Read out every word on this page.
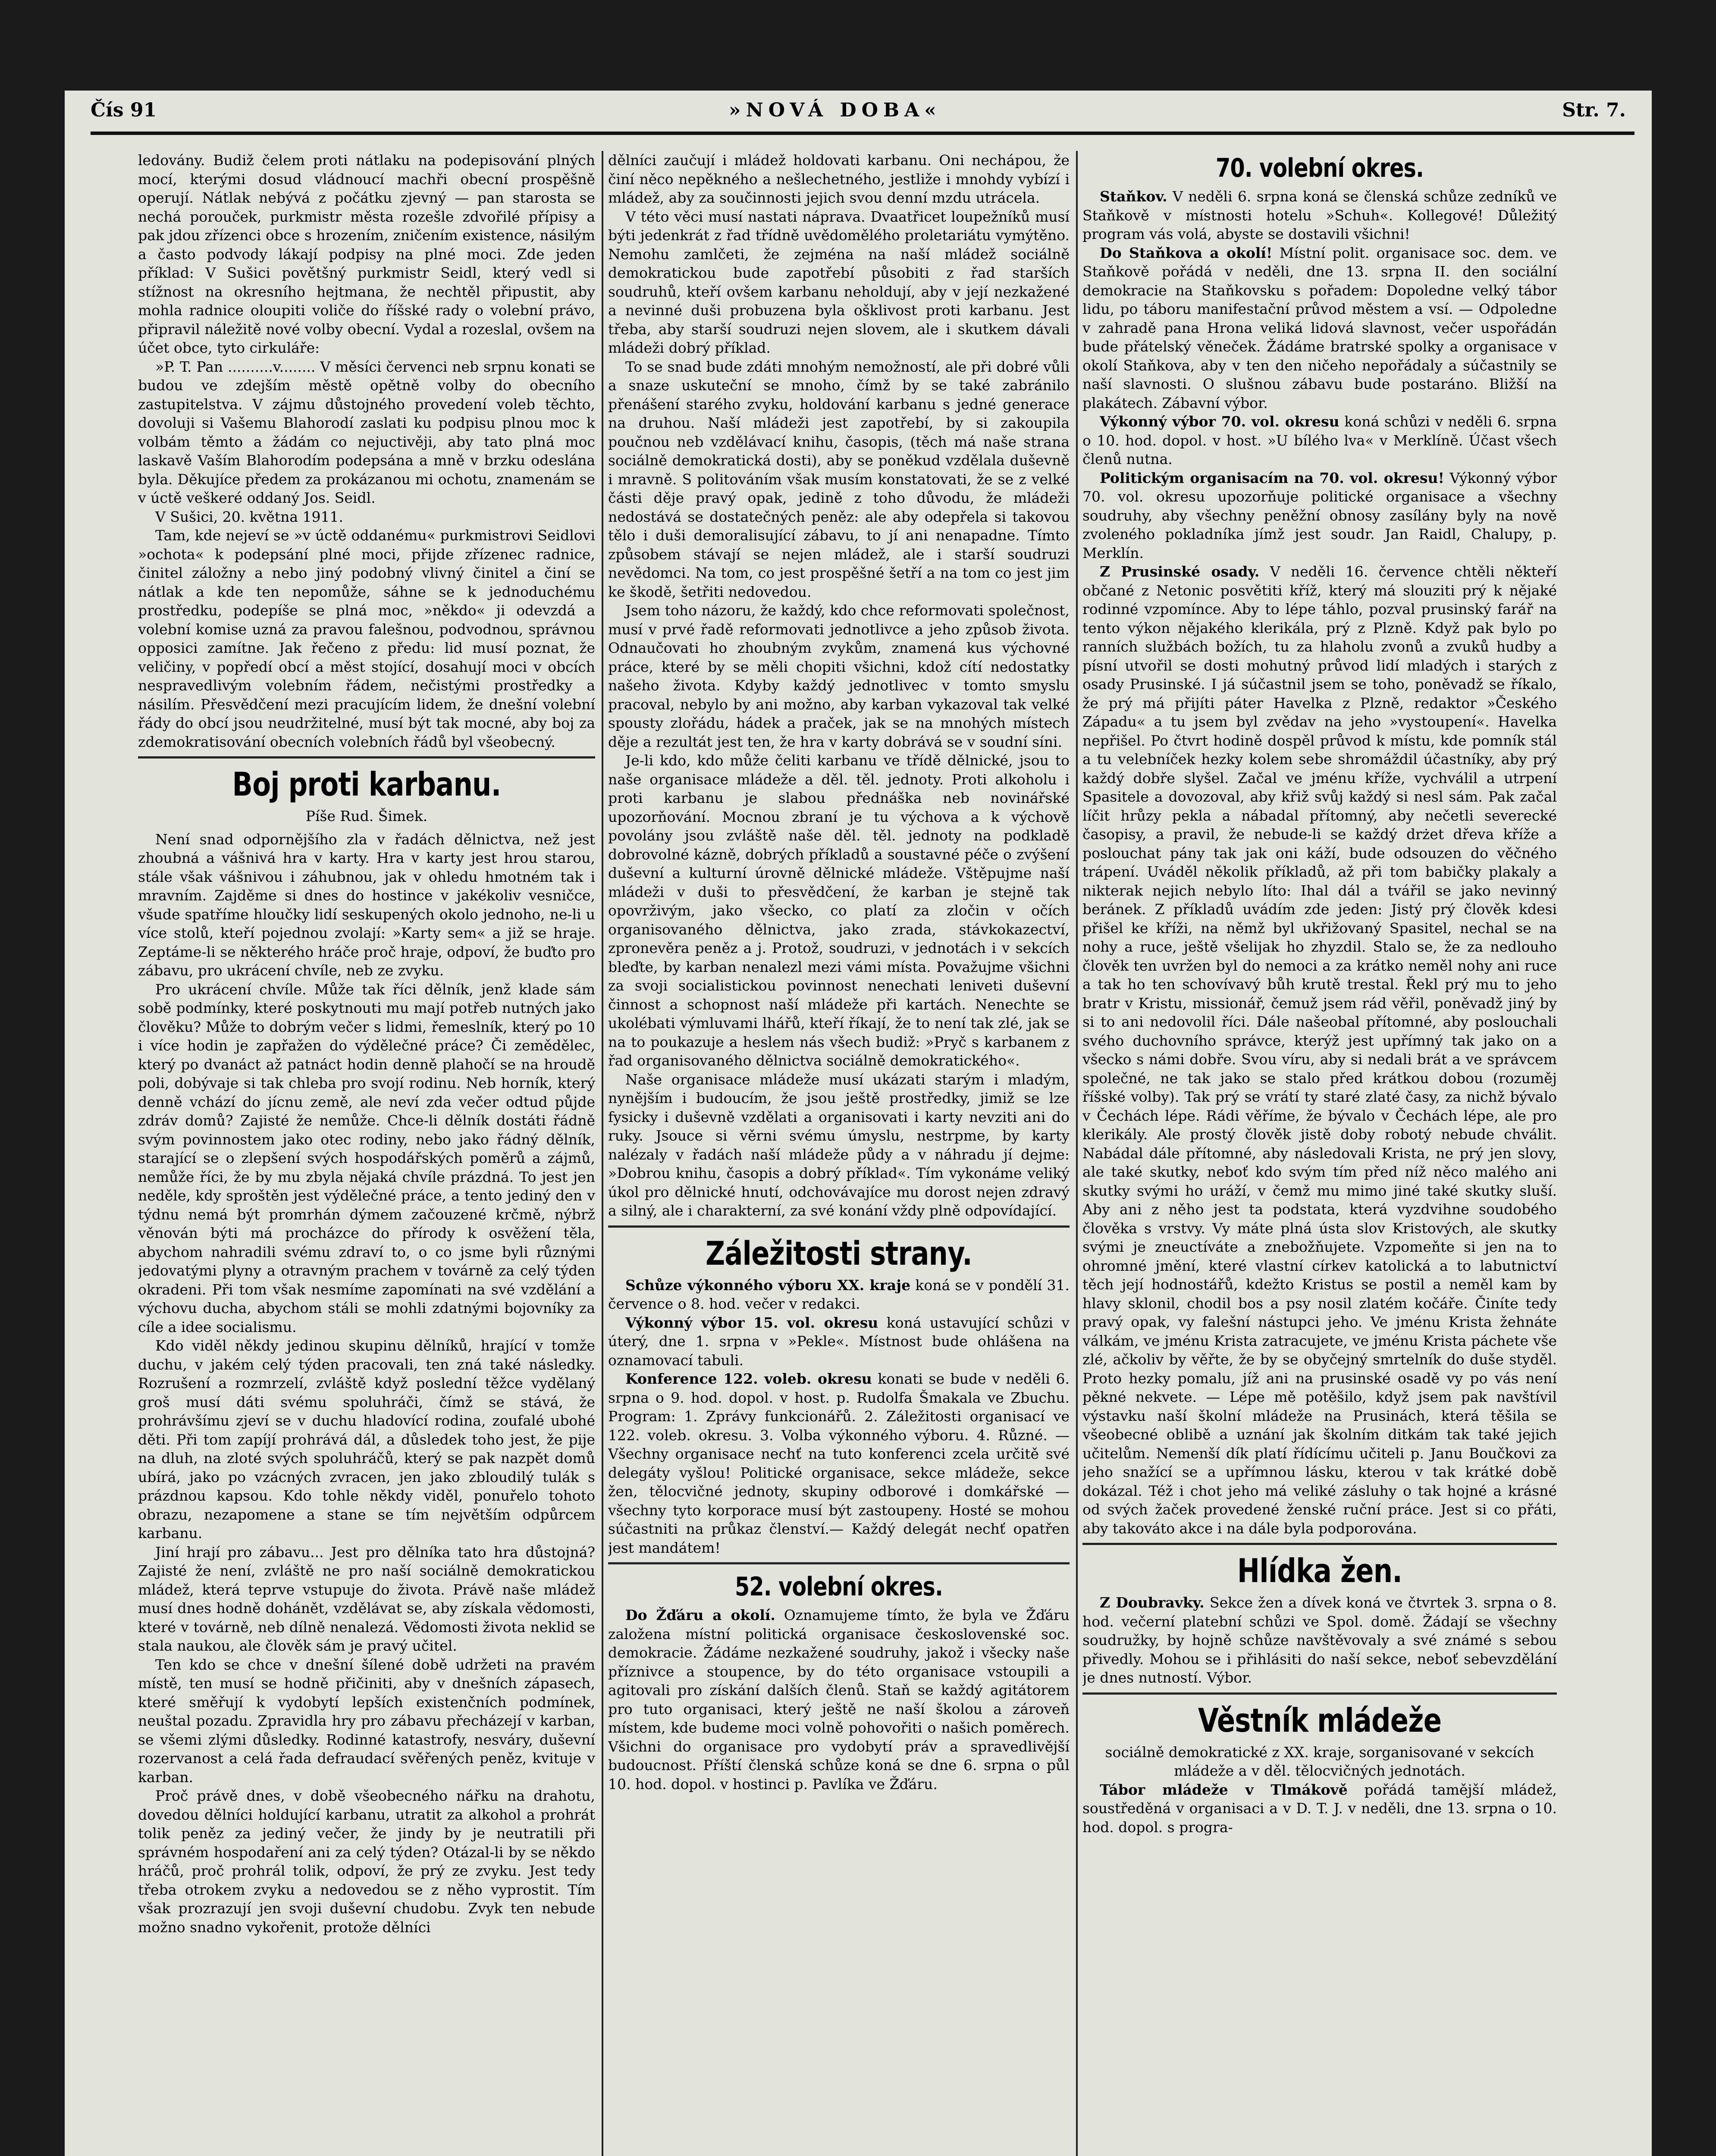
Čís 91	»NOVÁ DOBA«	Str. 7.

ledovány. Budiž čelem proti nátlaku na podepisování plných mocí, kterými dosud vládnoucí machři obecní prospěšně operují. Nátlak nebývá z počátku zjevný — pan starosta se nechá porouček, purkmistr města rozešle zdvořilé přípisy a pak jdou zřízenci obce s hrozením, zničením existence, násilým a často podvody lákají podpisy na plné moci. Zde jeden příklad: V Sušici povětšný purkmistr Seidl, který vedl si stížnost na okresního hejtmana, že nechtěl připustit, aby mohla radnice oloupiti voliče do říšské rady o volební právo, připravil náležitě nové volby obecní. Vydal a rozeslal, ovšem na účet obce, tyto cirkuláře:

»P. T. Pan ..........v........ V měsíci červenci neb srpnu konati se budou ve zdejším městě opětně volby do obecního zastupitelstva. V zájmu důstojného provedení voleb těchto, dovoluji si Vašemu Blahorodí zaslati ku podpisu plnou moc k volbám těmto a žádám co nejuctivěji, aby tato plná moc laskavě Vaším Blahorodím podepsána a mně v brzku odeslána byla. Děkujíce předem za prokázanou mi ochotu, znamenám se v úctě veškeré oddaný Jos. Seidl.

V Sušici, 20. května 1911.

Tam, kde nejeví se »v úctě oddanému« purkmistrovi Seidlovi »ochota« k podepsání plné moci, přijde zřízenec radnice, činitel záložny a nebo jiný podobný vlivný činitel a činí se nátlak a kde ten nepomůže, sáhne se k jednoduchému prostředku, podepíše se plná moc, »někdo« ji odevzdá a volební komise uzná za pravou falešnou, podvodnou, správnou opposici zamítne. Jak řečeno z předu: lid musí poznat, že veličiny, v popředí obcí a měst stojící, dosahují moci v obcích nespravedlivým volebním řádem, nečistými prostředky a násilím. Přesvědčení mezi pracujícím lidem, že dnešní volební řády do obcí jsou neudržitelné, musí být tak mocné, aby boj za zdemokratisování obecních volebních řádů byl všeobecný.

Boj proti karbanu.
Píše Rud. Šimek.

Není snad odpornějšího zla v řadách dělnictva, než jest zhoubná a vášnivá hra v karty. Hra v karty jest hrou starou, stále však vášnivou i záhubnou, jak v ohledu hmotném tak i mravním. Zajděme si dnes do hostince v jakékoliv vesničce, všude spatříme hloučky lidí seskupených okolo jednoho, ne-li u více stolů, kteří pojednou zvolají: »Karty sem« a již se hraje. Zeptáme-li se některého hráče proč hraje, odpoví, že buďto pro zábavu, pro ukrácení chvíle, neb ze zvyku.

Pro ukrácení chvíle. Může tak říci dělník, jenž klade sám sobě podmínky, které poskytnouti mu mají potřeb nutných jako člověku? Může to dobrým večer s lidmi, řemeslník, který po 10 i více hodin je zapřažen do výdělečné práce? Či zemědělec, který po dvanáct až patnáct hodin denně plahočí se na hroudě poli, dobývaje si tak chleba pro svojí rodinu. Neb horník, který denně vchází do jícnu země, ale neví zda večer odtud půjde zdráv domů? Zajisté že nemůže. Chce-li dělník dostáti řádně svým povinnostem jako otec rodiny, nebo jako řádný dělník, starající se o zlepšení svých hospodářských poměrů a zájmů, nemůže říci, že by mu zbyla nějaká chvíle prázdná. To jest jen neděle, kdy sproštěn jest výdělečné práce, a tento jediný den v týdnu nemá být promrhán dýmem začouzené krčmě, nýbrž věnován býti má procházce do přírody k osvěžení těla, abychom nahradili svému zdraví to, o co jsme byli různými jedovatými plyny a otravným prachem v továrně za celý týden okradeni. Při tom však nesmíme zapomínati na své vzdělání a výchovu ducha, abychom stáli se mohli zdatnými bojovníky za cíle a idee socialismu.

Kdo viděl někdy jedinou skupinu dělníků, hrající v tomže duchu, v jakém celý týden pracovali, ten zná také následky. Rozrušení a rozmrzelí, zvláště když poslední těžce vydělaný groš musí dáti svému spoluhráči, čímž se stává, že prohrávšímu zjeví se v duchu hladovící rodina, zoufalé ubohé děti. Při tom zapíjí prohrává dál, a důsledek toho jest, že pije na dluh, na zloté svých spoluhráčů, který se pak nazpět domů ubírá, jako po vzácných zvracen, jen jako zbloudilý tulák s prázdnou kapsou. Kdo tohle někdy viděl, ponuřelo tohoto obrazu, nezapomene a stane se tím největším odpůrcem karbanu.

Jiní hrají pro zábavu... Jest pro dělníka tato hra důstojná? Zajisté že není, zvláště ne pro naší sociálně demokratickou mládež, která teprve vstupuje do života. Právě naše mládež musí dnes hodně dohánět, vzdělávat se, aby získala vědomosti, které v továrně, neb dílně nenalezá. Vědomosti života neklid se stala naukou, ale člověk sám je pravý učitel.

Ten kdo se chce v dnešní šílené době udržeti na pravém místě, ten musí se hodně přičiniti, aby v dnešních zápasech, které směřují k vydobytí lepších existenčních podmínek, neuštal pozadu. Zpravidla hry pro zábavu přecházejí v karban, se všemi zlými důsledky. Rodinné katastrofy, nesváry, duševní rozervanost a celá řada defraudací svěřených peněz, kvituje v karban.

Proč právě dnes, v době všeobecného nářku na drahotu, dovedou dělníci holdující karbanu, utratit za alkohol a prohrát tolik peněz za jediný večer, že jindy by je neutratili při správném hospodaření ani za celý týden? Otázal-li by se někdo hráčů, proč prohrál tolik, odpoví, že prý ze zvyku. Jest tedy třeba otrokem zvyku a nedovedou se z něho vyprostit. Tím však prozrazují jen svoji duševní chudobu. Zvyk ten nebude možno snadno vykořenit, protože dělníci

dělníci zaučují i mládež holdovati karbanu. Oni nechápou, že činí něco nepěkného a nešlechetného, jestliže i mnohdy vybízí i mládež, aby za součinnosti jejich svou denní mzdu utrácela.

V této věci musí nastati náprava. Dvaatřicet loupežníků musí býti jedenkrát z řad třídně uvědomělého proletariátu vymýtěno. Nemohu zamlčeti, že zejména na naší mládež sociálně demokratickou bude zapotřebí působiti z řad starších soudruhů, kteří ovšem karbanu neholdují, aby v její nezkažené a nevinné duši probuzena byla ošklivost proti karbanu. Jest třeba, aby starší soudruzi nejen slovem, ale i skutkem dávali mládeži dobrý příklad.

To se snad bude zdáti mnohým nemožností, ale při dobré vůli a snaze uskuteční se mnoho, čímž by se také zabránilo přenášení starého zvyku, holdování karbanu s jedné generace na druhou. Naší mládeži jest zapotřebí, by si zakoupila poučnou neb vzdělávací knihu, časopis, (těch má naše strana sociálně demokratická dosti), aby se poněkud vzdělala duševně i mravně. S politováním však musím konstatovati, že se z velké části děje pravý opak, jedině z toho důvodu, že mládeži nedostává se dostatečných peněz: ale aby odepřela si takovou tělo i duši demoralisující zábavu, to jí ani nenapadne. Tímto způsobem stávají se nejen mládež, ale i starší soudruzi nevědomci. Na tom, co jest prospěšné šetří a na tom co jest jim ke škodě, šetřiti nedovedou.

Jsem toho názoru, že každý, kdo chce reformovati společnost, musí v prvé řadě reformovati jednotlivce a jeho způsob života. Odnaučovati ho zhoubným zvykům, znamená kus výchovné práce, které by se měli chopiti všichni, kdož cítí nedostatky našeho života. Kdyby každý jednotlivec v tomto smyslu pracoval, nebylo by ani možno, aby karban vykazoval tak velké spousty zlořádu, hádek a praček, jak se na mnohých místech děje a rezultát jest ten, že hra v karty dobrává se v soudní síni.

Je-li kdo, kdo může čeliti karbanu ve třídě dělnické, jsou to naše organisace mládeže a děl. těl. jednoty. Proti alkoholu i proti karbanu je slabou přednáška neb novinářské upozorňování. Mocnou zbraní je tu výchova a k výchově povolány jsou zvláště naše děl. těl. jednoty na podkladě dobrovolné kázně, dobrých příkladů a soustavné péče o zvýšení duševní a kulturní úrovně dělnické mládeže. Vštěpujme naší mládeži v duši to přesvědčení, že karban je stejně tak opovrživým, jako všecko, co platí za zločin v očích organisovaného dělnictva, jako zrada, stávkokazectví, zpronevěra peněz a j. Protož, soudruzi, v jednotách i v sekcích bleďte, by karban nenalezl mezi vámi místa. Považujme všichni za svoji socialistickou povinnost nenechati leniveti duševní činnost a schopnost naší mládeže při kartách. Nenechte se ukolébati výmluvami lhářů, kteří říkají, že to není tak zlé, jak se na to poukazuje a heslem nás všech budiž: »Pryč s karbanem z řad organisovaného dělnictva sociálně demokratického«.

Naše organisace mládeže musí ukázati starým i mladým, nynějším i budoucím, že jsou ještě prostředky, jimiž se lze fysicky i duševně vzdělati a organisovati i karty nevziti ani do ruky. Jsouce si věrni svému úmyslu, nestrpme, by karty nalézaly v řadách naší mládeže půdy a v náhradu jí dejme: »Dobrou knihu, časopis a dobrý příklad«. Tím vykonáme veliký úkol pro dělnické hnutí, odchovávajíce mu dorost nejen zdravý a silný, ale i charakterní, za své konání vždy plně odpovídající.

Záležitosti strany.

Schůze výkonného výboru XX. kraje koná se v pondělí 31. července o 8. hod. večer v redakci.

Výkonný výbor 15. vol. okresu koná ustavující schůzi v úterý, dne 1. srpna v »Pekle«. Místnost bude ohlášena na oznamovací tabuli.

Konference 122. voleb. okresu konati se bude v neděli 6. srpna o 9. hod. dopol. v host. p. Rudolfa Šmakala ve Zbuchu. Program: 1. Zprávy funkcionářů. 2. Záležitosti organisací ve 122. voleb. okresu. 3. Volba výkonného výboru. 4. Různé. — Všechny organisace nechť na tuto konferenci zcela určitě své delegáty vyšlou! Politické organisace, sekce mládeže, sekce žen, tělocvičné jednoty, skupiny odborové i domkářské — všechny tyto korporace musí být zastoupeny. Hosté se mohou súčastniti na průkaz členství.— Každý delegát nechť opatřen jest mandátem!

52. volební okres.

Do Žďáru a okolí. Oznamujeme tímto, že byla ve Žďáru založena místní politická organisace československé soc. demokracie. Žádáme nezkažené soudruhy, jakož i všecky naše příznivce a stoupence, by do této organisace vstoupili a agitovali pro získání dalších členů. Staň se každý agitátorem pro tuto organisaci, který ještě ne naší školou a zároveň místem, kde budeme moci volně pohovořiti o našich poměrech. Všichni do organisace pro vydobytí práv a spravedlivější budoucnost. Příští členská schůze koná se dne 6. srpna o půl 10. hod. dopol. v hostinci p. Pavlíka ve Žďáru.

70. volební okres.

Staňkov. V neděli 6. srpna koná se členská schůze zedníků ve Staňkově v místnosti hotelu »Schuh«. Kollegové! Důležitý program vás volá, abyste se dostavili všichni!

Do Staňkova a okolí! Místní polit. organisace soc. dem. ve Staňkově pořádá v neděli, dne 13. srpna II. den sociální demokracie na Staňkovsku s pořadem: Dopoledne velký tábor lidu, po táboru manifestační průvod městem a vsí. — Odpoledne v zahradě pana Hrona veliká lidová slavnost, večer uspořádán bude přátelský věneček. Žádáme bratrské spolky a organisace v okolí Staňkova, aby v ten den ničeho nepořádaly a súčastnily se naší slavnosti. O slušnou zábavu bude postaráno. Bližší na plakátech. Zábavní výbor.

Výkonný výbor 70. vol. okresu koná schůzi v neděli 6. srpna o 10. hod. dopol. v host. »U bílého lva« v Merklíně. Účast všech členů nutna.

Politickým organisacím na 70. vol. okresu! Výkonný výbor 70. vol. okresu upozorňuje politické organisace a všechny soudruhy, aby všechny peněžní obnosy zasílány byly na nově zvoleného pokladníka jímž jest soudr. Jan Raidl, Chalupy, p. Merklín.

Z Prusinské osady. V neděli 16. července chtěli někteří občané z Netonic posvětiti kříž, který má slouziti prý k nějaké rodinné vzpomínce. Aby to lépe táhlo, pozval prusinský farář na tento výkon nějakého klerikála, prý z Plzně. Když pak bylo po ranních službách božích, tu za hlaholu zvonů a zvuků hudby a písní utvořil se dosti mohutný průvod lidí mladých i starých z osady Prusinské. I já súčastnil jsem se toho, poněvadž se říkalo, že prý má přijíti páter Havelka z Plzně, redaktor »Českého Západu« a tu jsem byl zvědav na jeho »vystoupení«. Havelka nepřišel. Po čtvrt hodině dospěl průvod k místu, kde pomník stál a tu velebníček hezky kolem sebe shromáždil účastníky, aby prý každý dobře slyšel. Začal ve jménu kříže, vychválil a utrpení Spasitele a dovozoval, aby křiž svůj každý si nesl sám. Pak začal líčit hrůzy pekla a nábadal přítomný, aby nečetli severecké časopisy, a pravil, že nebude-li se každý drżet dřeva kříže a poslouchat pány tak jak oni káží, bude odsouzen do věčného trápení. Uváděl několik příkladů, až při tom babičky plakaly a nikterak nejich nebylo líto: Ihal dál a tvářil se jako nevinný beránek. Z příkladů uvádím zde jeden: Jistý prý člověk kdesi přišel ke kříži, na němž byl ukřižovaný Spasitel, nechal se na nohy a ruce, ještě všelijak ho zhyzdil. Stalo se, že za nedlouho člověk ten uvržen byl do nemoci a za krátko neměl nohy ani ruce a tak ho ten schovívavý bůh krutě trestal. Řekl prý mu to jeho bratr v Kristu, missionář, čemuž jsem rád věřil, poněvadž jiný by si to ani nedovolil říci. Dále našeobal přítomné, aby poslouchali svého duchovního správce, kterýž jest upřímný tak jako on a všecko s námi dobře. Svou víru, aby si nedali brát a ve správcem společné, ne tak jako se stalo před krátkou dobou (rozuměj říšské volby). Tak prý se vrátí ty staré zlaté časy, za nichž bývalo v Čechách lépe. Rádi věříme, že bývalo v Čechách lépe, ale pro klerikály. Ale prostý člověk jistě doby robotý nebude chválit. Nabádal dále přítomné, aby následovali Krista, ne prý jen slovy, ale také skutky, neboť kdo svým tím před níž něco malého ani skutky svými ho uráží, v čemž mu mimo jiné také skutky sluší. Aby ani z něho jest ta podstata, která vyzdvihne soudobého člověka s vrstvy. Vy máte plná ústa slov Kristových, ale skutky svými je zneuctíváte a znebožňujete. Vzpomeňte si jen na to ohromné jmění, které vlastní církev katolická a to labutnictví těch její hodnostářů, kdežto Kristus se postil a neměl kam by hlavy sklonil, chodil bos a psy nosil zlatém kočáře. Činíte tedy pravý opak, vy falešní nástupci jeho. Ve jménu Krista žehnáte válkám, ve jménu Krista zatracujete, ve jménu Krista páchete vše zlé, ačkoliv by věřte, že by se obyčejný smrtelník do duše styděl. Proto hezky pomalu, jíž ani na prusinské osadě vy po vás není pěkné nekvete. — Lépe mě potěšilo, když jsem pak navštívil výstavku naší školní mládeže na Prusinách, která těšila se všeobecné oblibě a uznání jak školním ditkám tak také jejich učitelům. Nemenší dík platí řídícímu učiteli p. Janu Boučkovi za jeho snažící se a upřímnou lásku, kterou v tak krátké době dokázal. Též i chot jeho má veliké zásluhy o tak hojné a krásné od svých žaček provedené ženské ruční práce. Jest si co přáti, aby takováto akce i na dále byla podporována.

Hlídka žen.

Z Doubravky. Sekce žen a dívek koná ve čtvrtek 3. srpna o 8. hod. večerní platební schůzi ve Spol. domě. Žádají se všechny soudružky, by hojně schůze navštěvovaly a své známé s sebou přivedly. Mohou se i přihlásiti do naší sekce, neboť sebevzdělání je dnes nutností. Výbor.

Věstník mládeže

sociálně demokratické z XX. kraje, sorganisované v sekcích mládeže a v děl. tělocvičných jednotách.

Tábor mládeže v Tlmákově pořádá tamější mládež, soustředěná v organisaci a v D. T. J. v neděli, dne 13. srpna o 10. hod. dopol. s progra-
